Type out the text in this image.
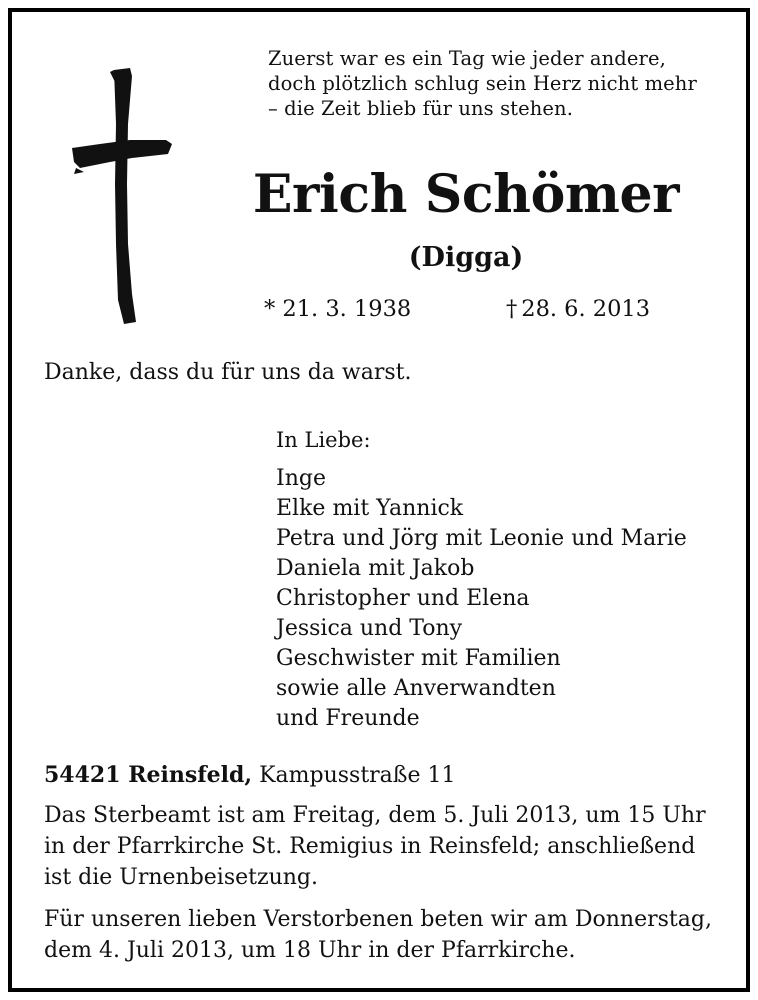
Zuerst war es ein Tag wie jeder andere,
doch plötzlich schlug sein Herz nicht mehr
– die Zeit blieb für uns stehen.
Erich Schömer
(Digga)
* 21. 3. 1938	† 28. 6. 2013
Danke, dass du für uns da warst.
In Liebe:
Inge
Elke mit Yannick
Petra und Jörg mit Leonie und Marie
Daniela mit Jakob
Christopher und Elena
Jessica und Tony
Geschwister mit Familien
sowie alle Anverwandten
und Freunde
54421 Reinsfeld, Kampusstraße 11
Das Sterbeamt ist am Freitag, dem 5. Juli 2013, um 15 Uhr in der Pfarrkirche St. Remigius in Reinsfeld; anschließend ist die Urnenbeisetzung.
Für unseren lieben Verstorbenen beten wir am Donnerstag, dem 4. Juli 2013, um 18 Uhr in der Pfarrkirche.
